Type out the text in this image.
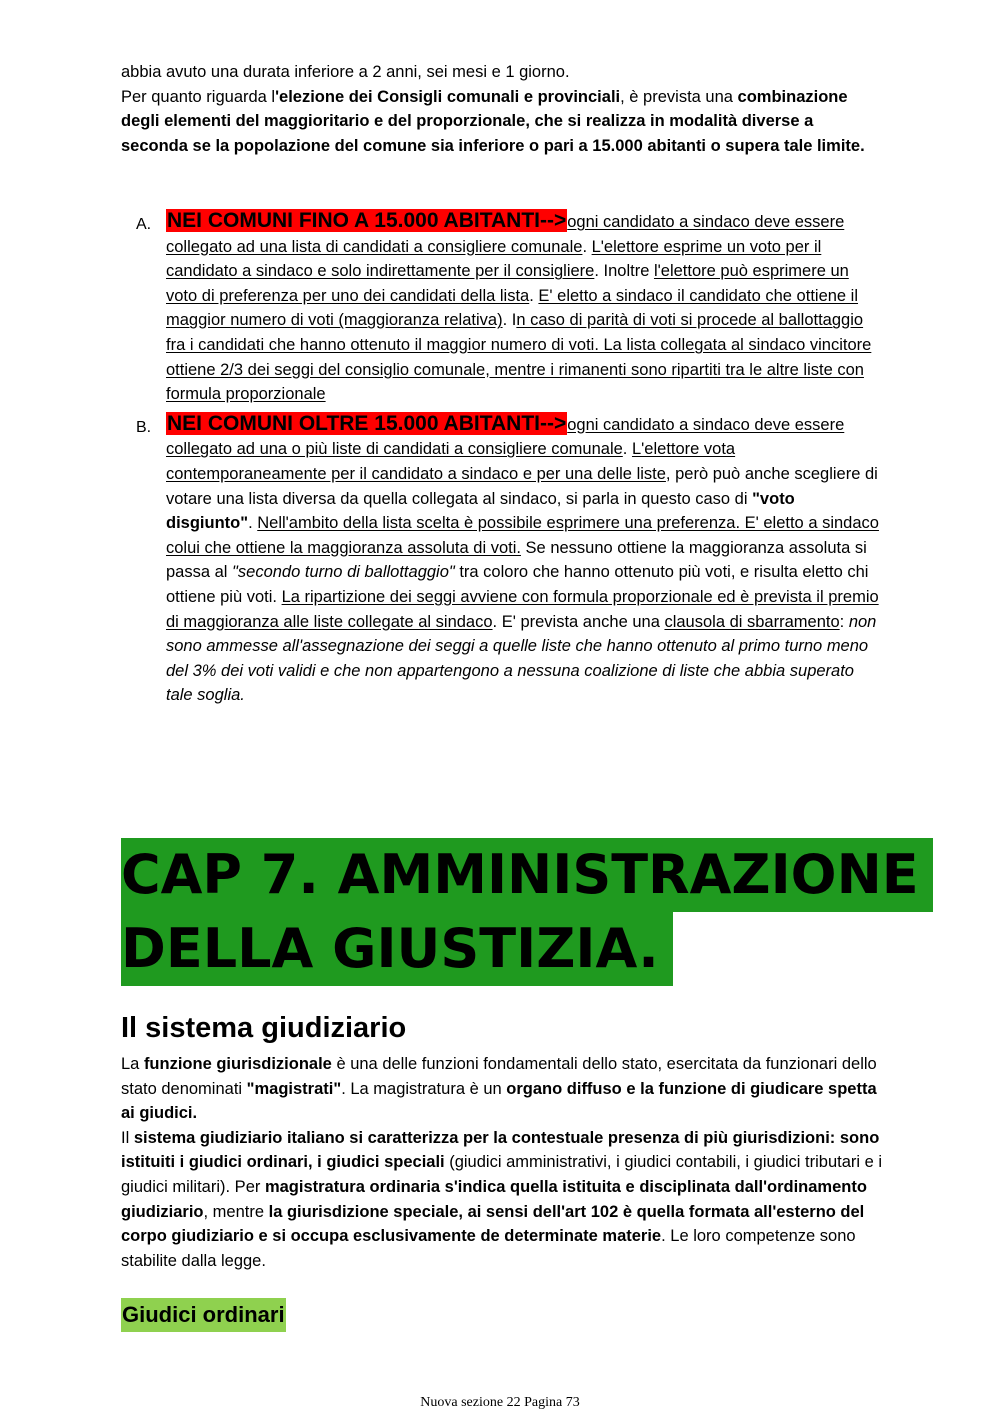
abbia avuto una durata inferiore a 2 anni, sei mesi e 1 giorno.

Per quanto riguarda l'elezione dei Consigli comunali e provinciali, è prevista una combinazione degli elementi del maggioritario e del proporzionale, che si realizza in modalità diverse a seconda se la popolazione del comune sia inferiore o pari a 15.000 abitanti o supera tale limite.

A. NEI COMUNI FINO A 15.000 ABITANTI-->ogni candidato a sindaco deve essere collegato ad una lista di candidati a consigliere comunale. L'elettore esprime un voto per il candidato a sindaco e solo indirettamente per il consigliere. Inoltre l'elettore può esprimere un voto di preferenza per uno dei candidati della lista. E' eletto a sindaco il candidato che ottiene il maggior numero di voti (maggioranza relativa). In caso di parità di voti si procede al ballottaggio fra i candidati che hanno ottenuto il maggior numero di voti. La lista collegata al sindaco vincitore ottiene 2/3 dei seggi del consiglio comunale, mentre i rimanenti sono ripartiti tra le altre liste con formula proporzionale
B. NEI COMUNI OLTRE 15.000 ABITANTI-->ogni candidato a sindaco deve essere collegato ad una o più liste di candidati a consigliere comunale. L'elettore vota contemporaneamente per il candidato a sindaco e per una delle liste, però può anche scegliere di votare una lista diversa da quella collegata al sindaco, si parla in questo caso di "voto disgiunto". Nell'ambito della lista scelta è possibile esprimere una preferenza. E' eletto a sindaco colui che ottiene la maggioranza assoluta di voti. Se nessuno ottiene la maggioranza assoluta si passa al "secondo turno di ballottaggio" tra coloro che hanno ottenuto più voti, e risulta eletto chi ottiene più voti. La ripartizione dei seggi avviene con formula proporzionale ed è prevista il premio di maggioranza alle liste collegate al sindaco. E' prevista anche una clausola di sbarramento: non sono ammesse all'assegnazione dei seggi a quelle liste che hanno ottenuto al primo turno meno del 3% dei voti validi e che non appartengono a nessuna coalizione di liste che abbia superato tale soglia.
CAP 7. AMMINISTRAZIONE
DELLA GIUSTIZIA.
Il sistema giudiziario

La funzione giurisdizionale è una delle funzioni fondamentali dello stato, esercitata da funzionari dello stato denominati "magistrati". La magistratura è un organo diffuso e la funzione di giudicare spetta ai giudici.

Il sistema giudiziario italiano si caratterizza per la contestuale presenza di più giurisdizioni: sono istituiti i giudici ordinari, i giudici speciali (giudici amministrativi, i giudici contabili, i giudici tributari e i giudici militari). Per magistratura ordinaria s'indica quella istituita e disciplinata dall'ordinamento giudiziario, mentre la giurisdizione speciale, ai sensi dell'art 102 è quella formata all'esterno del corpo giudiziario e si occupa esclusivamente de determinate materie. Le loro competenze sono stabilite dalla legge.

Giudici ordinari
Nuova sezione 22 Pagina 73
